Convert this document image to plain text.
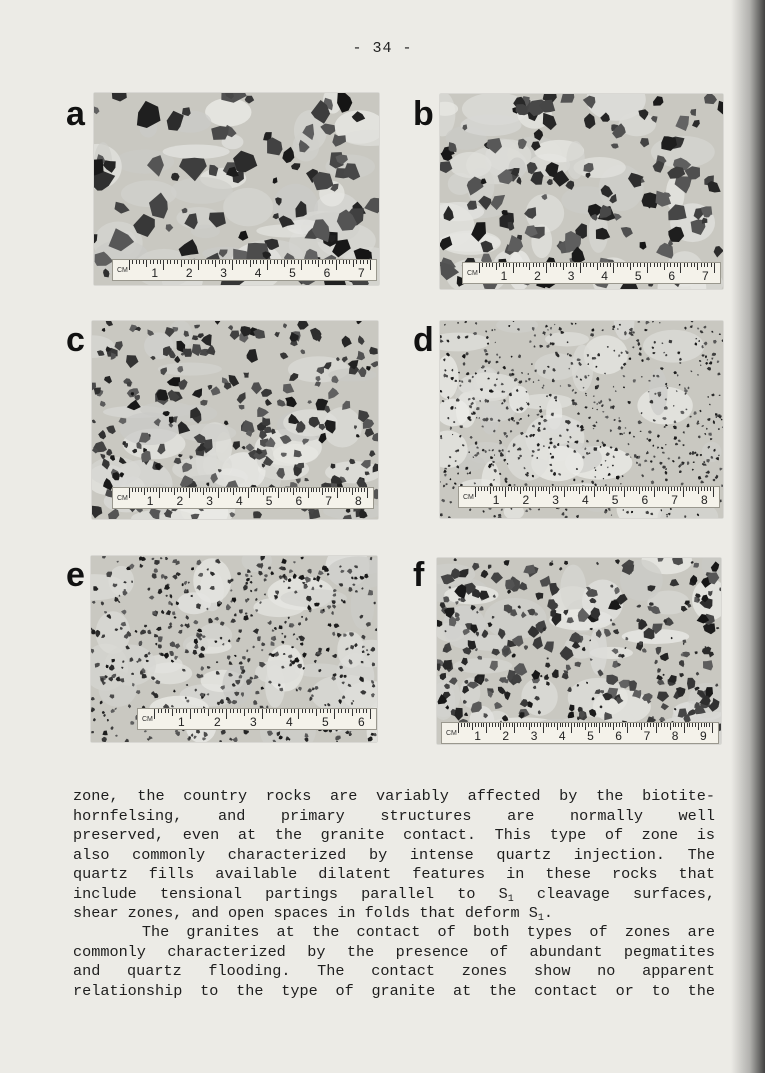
- 34 -
a	b
c	d
e	f
CM 1 2 3 4 5 6 7	CM 1 2 3 4 5 6 7
CM 1 2 3 4 5 6 7 8	CM 1 2 3 4 5 6 7 8
CM 1 2 3 4 5 6
CM 1 2 3 4 5 6 7 8 9
zone, the country rocks are variably affected by the biotite-
hornfelsing, and primary structures are normally well
preserved, even at the granite contact. This type of zone is
also commonly characterized by intense quartz injection. The
quartz fills available dilatent features in these rocks that
include tensional partings parallel to $S_1$ cleavage surfaces,
shear zones, and open spaces in folds that deform $S_1$.
The granites at the contact of both types of zones are
commonly characterized by the presence of abundant pegmatites
and quartz flooding. The contact zones show no apparent
relationship to the type of granite at the contact or to the
